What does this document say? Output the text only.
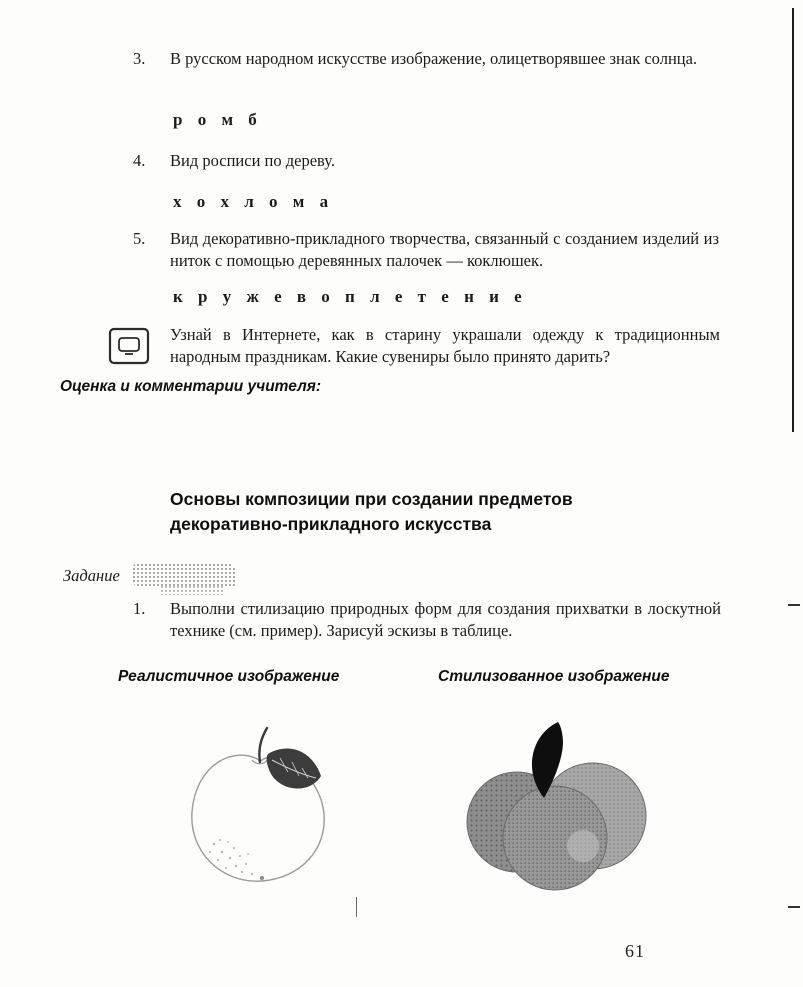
3.	В русском народном искусстве изображение, олицетворявшее знак солнца.
р о м б
4.	Вид росписи по дереву.
х о х л о м а
5.	Вид декоративно-прикладного творчества, связанный с созданием изделий из ниток с помощью деревянных палочек — коклюшек.
к р у ж е в о п л е т е н и е
Узнай в Интернете, как в старину украшали одежду к традиционным народным праздникам. Какие сувениры было принято дарить?
Оценка и комментарии учителя:
Основы композиции при создании предметов
декоративно-прикладного искусства
Задание
1.	Выполни стилизацию природных форм для создания прихватки в лоскутной технике (см. пример). Зарисуй эскизы в таблице.
Реалистичное изображение	Стилизованное изображение
61
